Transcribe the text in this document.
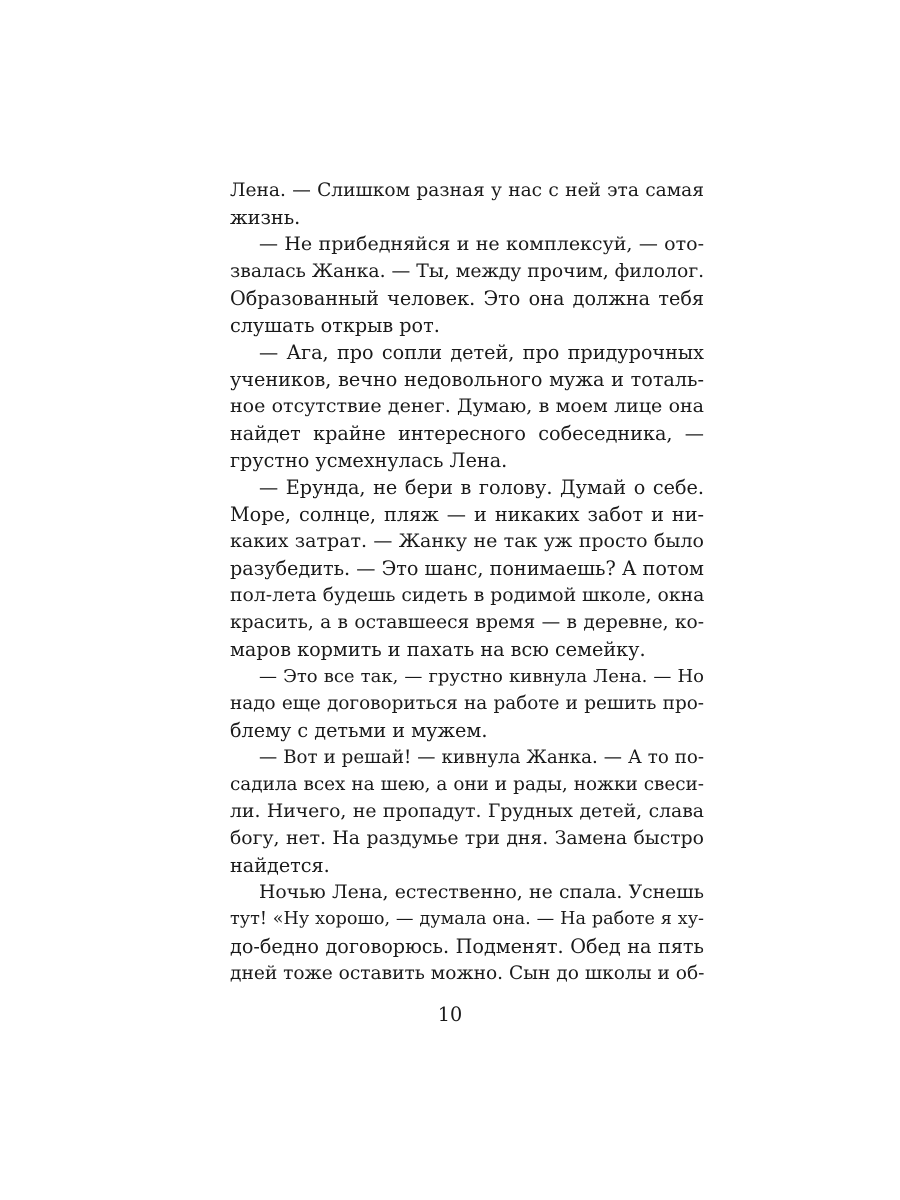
Лена. — Слишком разная у нас с ней эта самая
жизнь.
— Не прибедняйся и не комплексуй, — ото-
звалась Жанка. — Ты, между прочим, филолог.
Образованный человек. Это она должна тебя
слушать открыв рот.
— Ага, про сопли детей, про придурочных
учеников, вечно недовольного мужа и тоталь-
ное отсутствие денег. Думаю, в моем лице она
найдет крайне интересного собеседника, —
грустно усмехнулась Лена.
— Ерунда, не бери в голову. Думай о себе.
Море, солнце, пляж — и никаких забот и ни-
каких затрат. — Жанку не так уж просто было
разубедить. — Это шанс, понимаешь? А потом
пол-лета будешь сидеть в родимой школе, окна
красить, а в оставшееся время — в деревне, ко-
маров кормить и пахать на всю семейку.
— Это все так, — грустно кивнула Лена. — Но
надо еще договориться на работе и решить про-
блему с детьми и мужем.
— Вот и решай! — кивнула Жанка. — А то по-
садила всех на шею, а они и рады, ножки свеси-
ли. Ничего, не пропадут. Грудных детей, слава
богу, нет. На раздумье три дня. Замена быстро
найдется.
Ночью Лена, естественно, не спала. Уснешь
тут! «Ну хорошо, — думала она. — На работе я ху-
до-бедно договорюсь. Подменят. Обед на пять
дней тоже оставить можно. Сын до школы и об-
10
